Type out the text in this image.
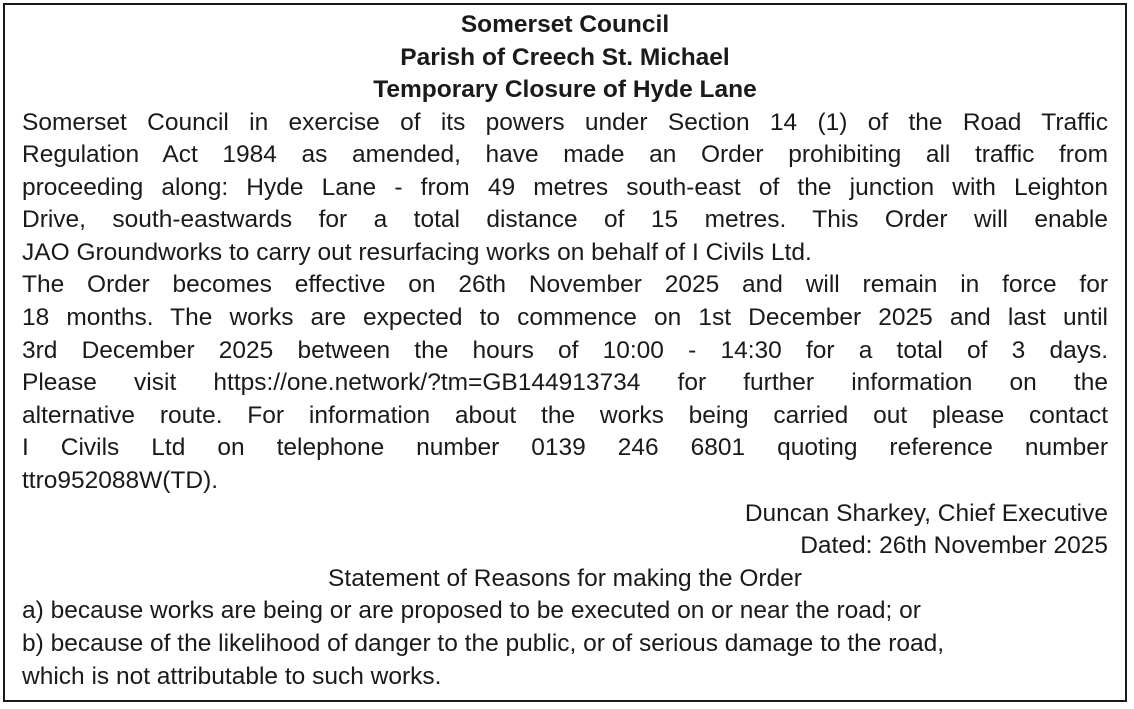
Somerset Council
Parish of Creech St. Michael
Temporary Closure of Hyde Lane
Somerset Council in exercise of its powers under Section 14 (1) of the Road Traffic
Regulation Act 1984 as amended, have made an Order prohibiting all traffic from
proceeding along: Hyde Lane - from 49 metres south-east of the junction with Leighton
Drive, south-eastwards for a total distance of 15 metres. This Order will enable
JAO Groundworks to carry out resurfacing works on behalf of I Civils Ltd.
The Order becomes effective on 26th November 2025 and will remain in force for
18 months. The works are expected to commence on 1st December 2025 and last until
3rd December 2025 between the hours of 10:00 - 14:30 for a total of 3 days.
Please visit https://one.network/?tm=GB144913734 for further information on the
alternative route. For information about the works being carried out please contact
I Civils Ltd on telephone number 0139 246 6801 quoting reference number
ttro952088W(TD).
Duncan Sharkey, Chief Executive
Dated: 26th November 2025
Statement of Reasons for making the Order
a) because works are being or are proposed to be executed on or near the road; or
b) because of the likelihood of danger to the public, or of serious damage to the road,
which is not attributable to such works.
